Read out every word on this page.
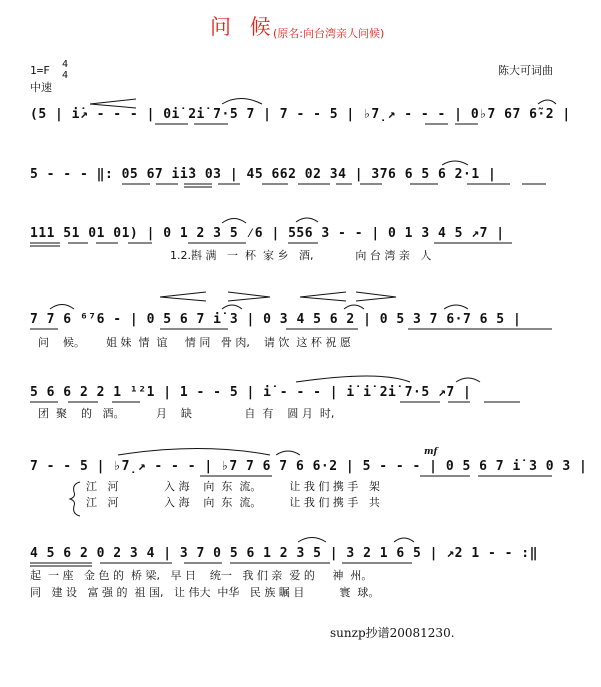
问 候
(原名:向台湾亲人问候)
1=F 4
4
中速
陈大可词曲
(5 | i̇↗ - - - | 0i̇ 2i̇ 7·5 7 | 7 - - 5 | ♭7̣↗ - - - | 0♭7 67 6̃·2 |
5 - - - ‖: 05 67 i̇i̇3 03 | 45 662 02 34 | 376 6 5 6 2·1 |
111 51 01 01) | 0 1 2 3 5 ⁄6 | 556 3 - - | 0 1 3 4 5 ↗7 |
1.2.斟 满   一  杯  家 乡   酒,            向 台 湾 亲   人
7 7 6 ⁶⁷6 - | 0 5 6 7 i̇ 3 | 0 3 4 5 6 2 | 0 5 3 7 6·7 6 5 |
问    候。      姐 妹  情  谊     情 同   骨 肉,    请 饮  这 杯 祝 愿
5 6 6 2 2 1 ¹²1 | 1 - - 5 | i̇ - - - | i̇ i̇ 2i̇ 7·5 ↗7 |
团  聚    的   酒。         月    缺               自  有    圆 月  时,
mf
7 - - 5 | ♭7̣↗ - - - | ♭7 7 6 7 6 6·2 | 5 - - - | 0 5 6 7 i̇ 3 0 3 |
江   河             入 海    向  东  流。        让 我 们 携 手   架
江   河             入 海    向  东  流。        让 我 们 携 手   共
4 5 6 2 0 2 3 4 | 3 7 0 5 6 1 2 3 5 | 3 2 1 6 5 | ↗2 1 - - :‖
起  一 座   金 色 的  桥 梁,   早 日    统一   我 们 亲  爱 的     神  州。
同   建 设   富 强 的  祖 国,   让 伟大  中华   民 族 瞩 目          寰  球。
sunzp抄谱20081230.
